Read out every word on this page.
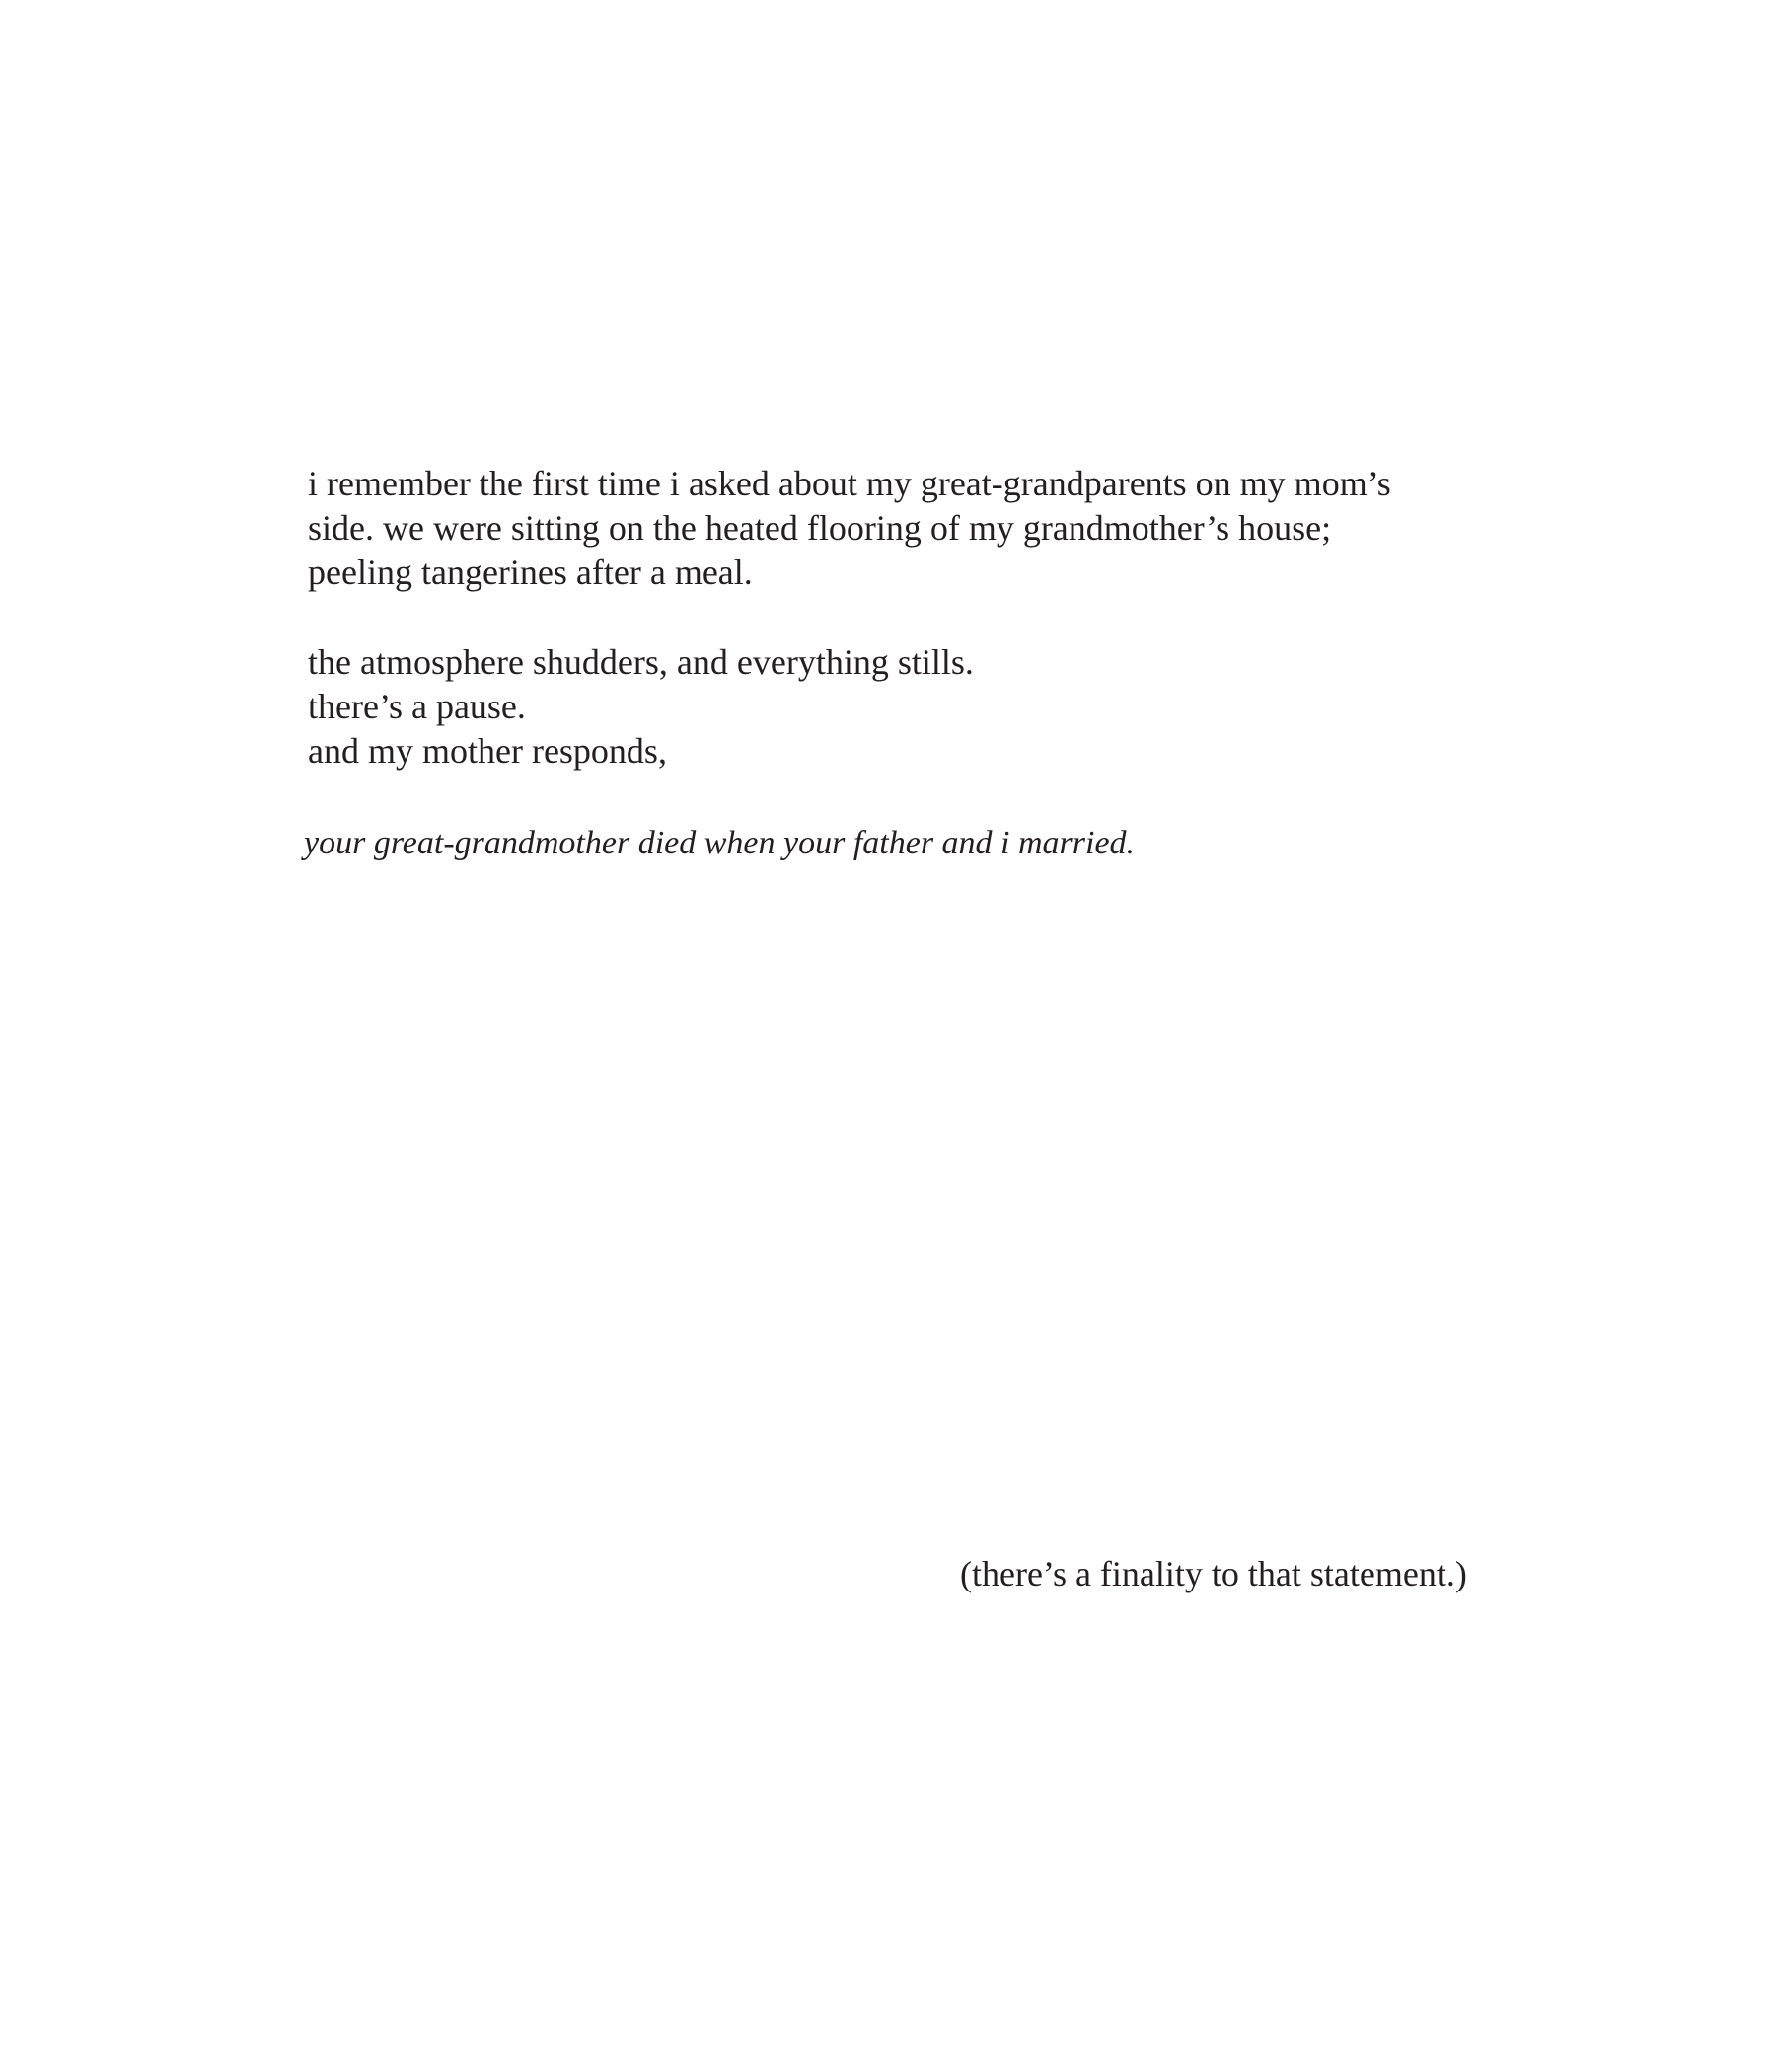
i remember the first time i asked about my great-grandparents on my mom’s
side. we were sitting on the heated flooring of my grandmother’s house;
peeling tangerines after a meal.

the atmosphere shudders, and everything stills.
there’s a pause.
and my mother responds,

your great-grandmother died when your father and i married.

(there’s a finality to that statement.)
